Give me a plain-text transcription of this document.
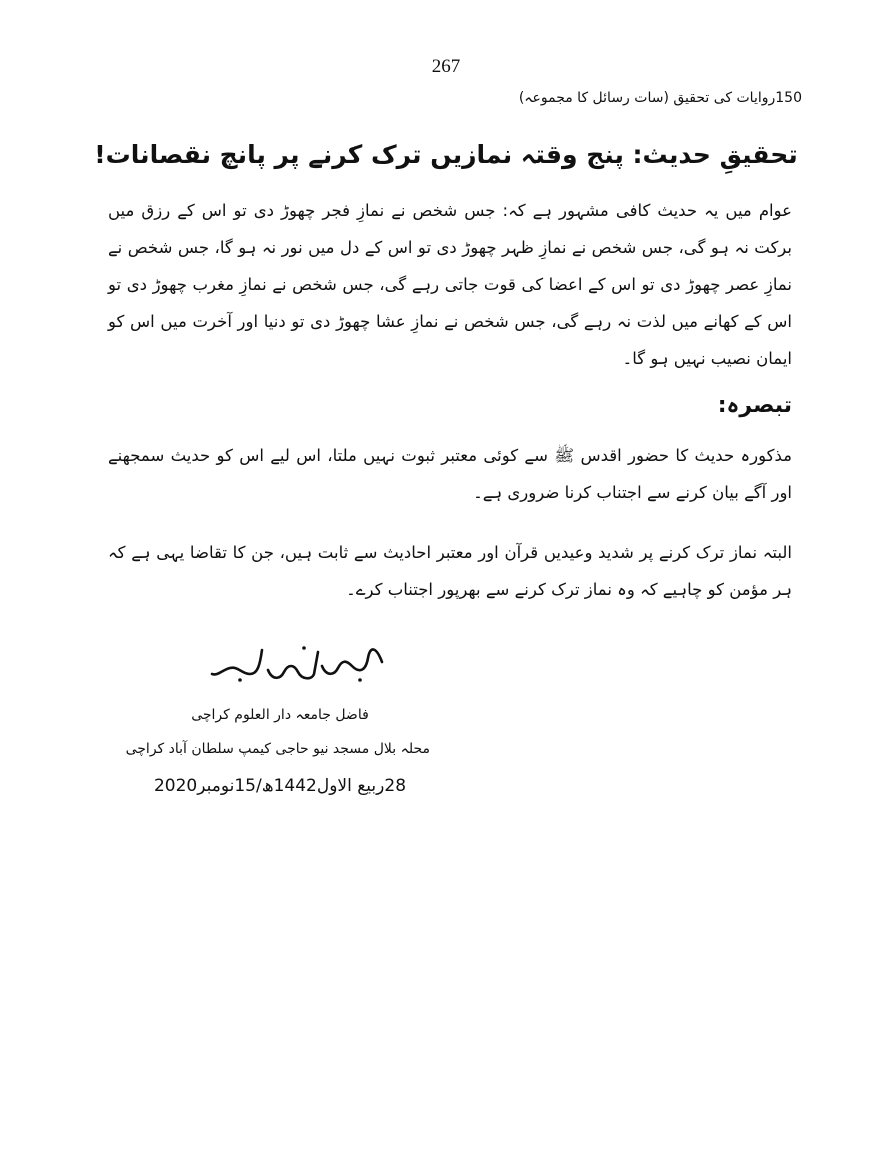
267
150روایات کی تحقیق (سات رسائل کا مجموعہ)
تحقیقِ حدیث: پنج وقتہ نمازیں ترک کرنے پر پانچ نقصانات!

عوام میں یہ حدیث کافی مشہور ہے کہ: جس شخص نے نمازِ فجر چھوڑ دی تو اس کے رزق میں برکت نہ ہو گی، جس شخص نے نمازِ ظہر چھوڑ دی تو اس کے دل میں نور نہ ہو گا، جس شخص نے نمازِ عصر چھوڑ دی تو اس کے اعضا کی قوت جاتی رہے گی، جس شخص نے نمازِ مغرب چھوڑ دی تو اس کے کھانے میں لذت نہ رہے گی، جس شخص نے نمازِ عشا چھوڑ دی تو دنیا اور آخرت میں اس کو ایمان نصیب نہیں ہو گا۔

تبصرہ:

مذکورہ حدیث کا حضور اقدس ﷺ سے کوئی معتبر ثبوت نہیں ملتا، اس لیے اس کو حدیث سمجھنے اور آگے بیان کرنے سے اجتناب کرنا ضروری ہے۔

البتہ نماز ترک کرنے پر شدید وعیدیں قرآن اور معتبر احادیث سے ثابت ہیں، جن کا تقاضا یہی ہے کہ ہر مؤمن کو چاہیے کہ وہ نماز ترک کرنے سے بھرپور اجتناب کرے۔

فاضل جامعہ دار العلوم کراچی
محلہ بلال مسجد نیو حاجی کیمپ سلطان آباد کراچی
28ربیع الاول1442ھ/15نومبر2020
